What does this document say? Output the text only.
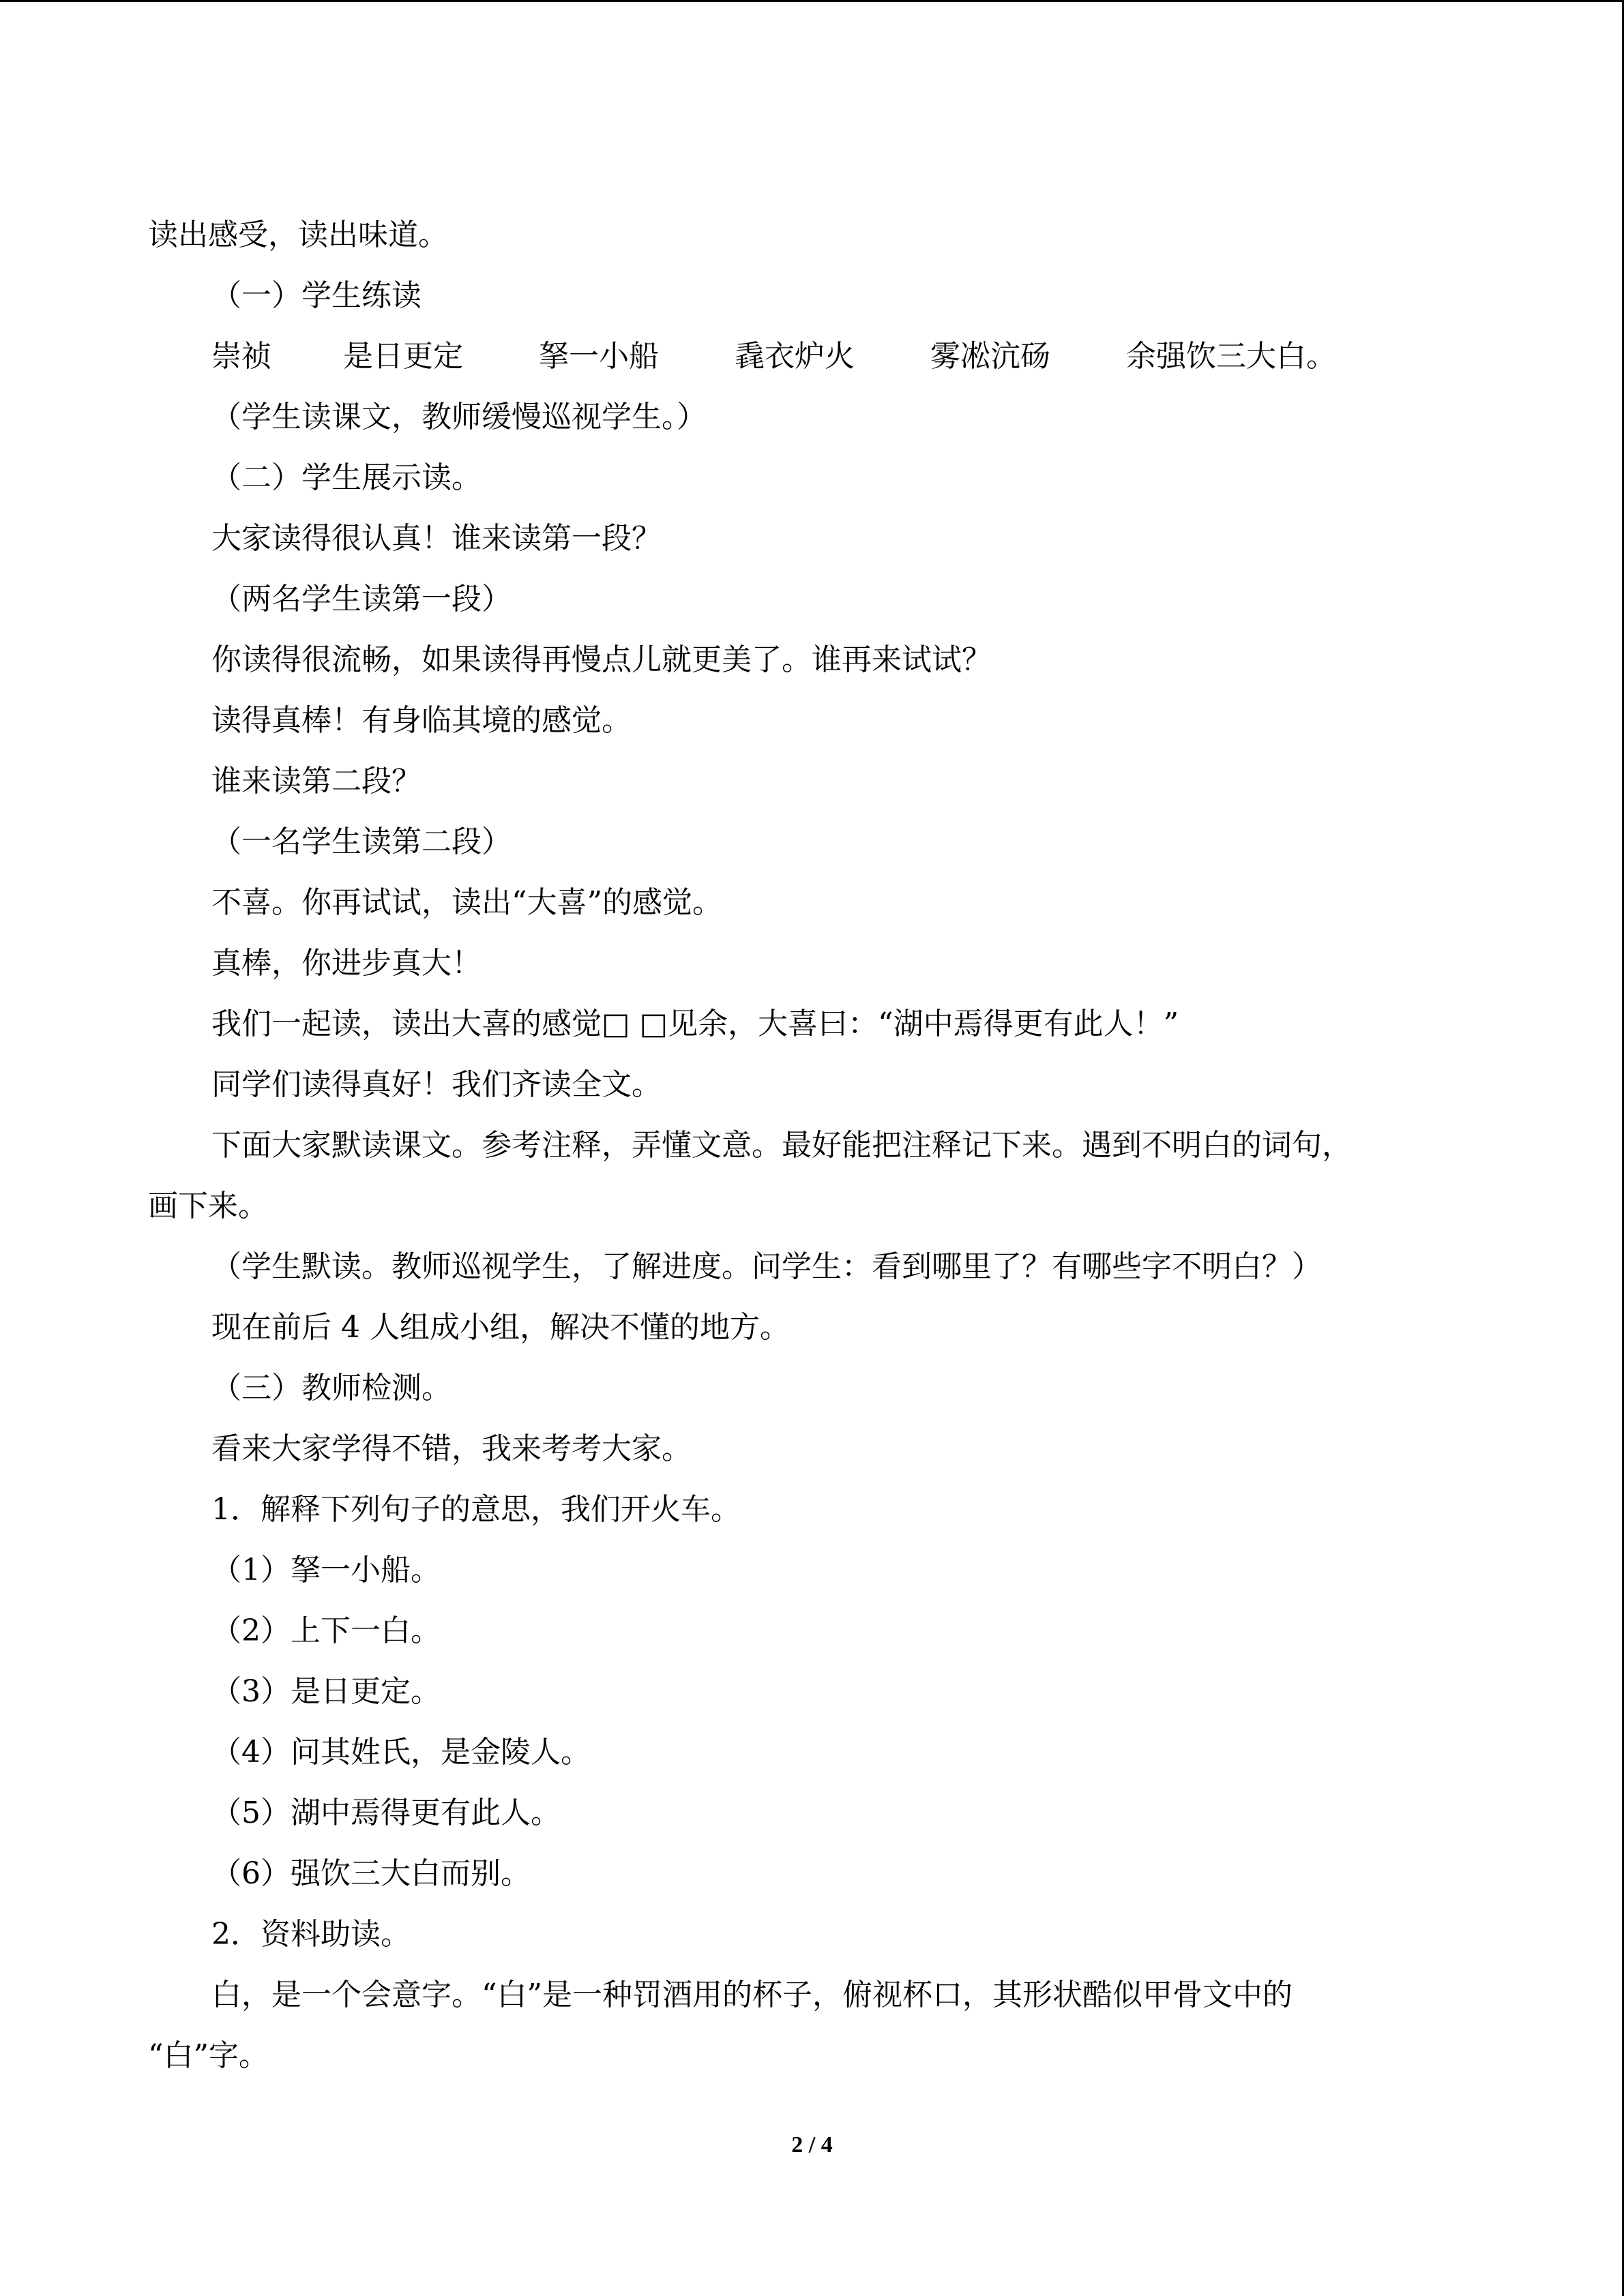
读出感受，读出味道。
（一）学生练读
崇祯	是日更定	拏一小船	毳衣炉火	雾凇沆砀	余强饮三大白。
（学生读课文，教师缓慢巡视学生。）
（二）学生展示读。
大家读得很认真！谁来读第一段？
（两名学生读第一段）
你读得很流畅，如果读得再慢点儿就更美了。谁再来试试？
读得真棒！有身临其境的感觉。
谁来读第二段？
（一名学生读第二段）
不喜。你再试试，读出“大喜”的感觉。
真棒，你进步真大！
我们一起读，读出大喜的感觉□ □见余，大喜曰：“湖中焉得更有此人！”
同学们读得真好！我们齐读全文。
下面大家默读课文。参考注释，弄懂文意。最好能把注释记下来。遇到不明白的词句，
画下来。
（学生默读。教师巡视学生，了解进度。问学生：看到哪里了？有哪些字不明白？）
现在前后 4 人组成小组，解决不懂的地方。
（三）教师检测。
看来大家学得不错，我来考考大家。
1．解释下列句子的意思，我们开火车。
（1）拏一小船。
（2）上下一白。
（3）是日更定。
（4）问其姓氏，是金陵人。
（5）湖中焉得更有此人。
（6）强饮三大白而别。
2．资料助读。
白，是一个会意字。“白”是一种罚酒用的杯子，俯视杯口，其形状酷似甲骨文中的
“白”字。
2 / 4
